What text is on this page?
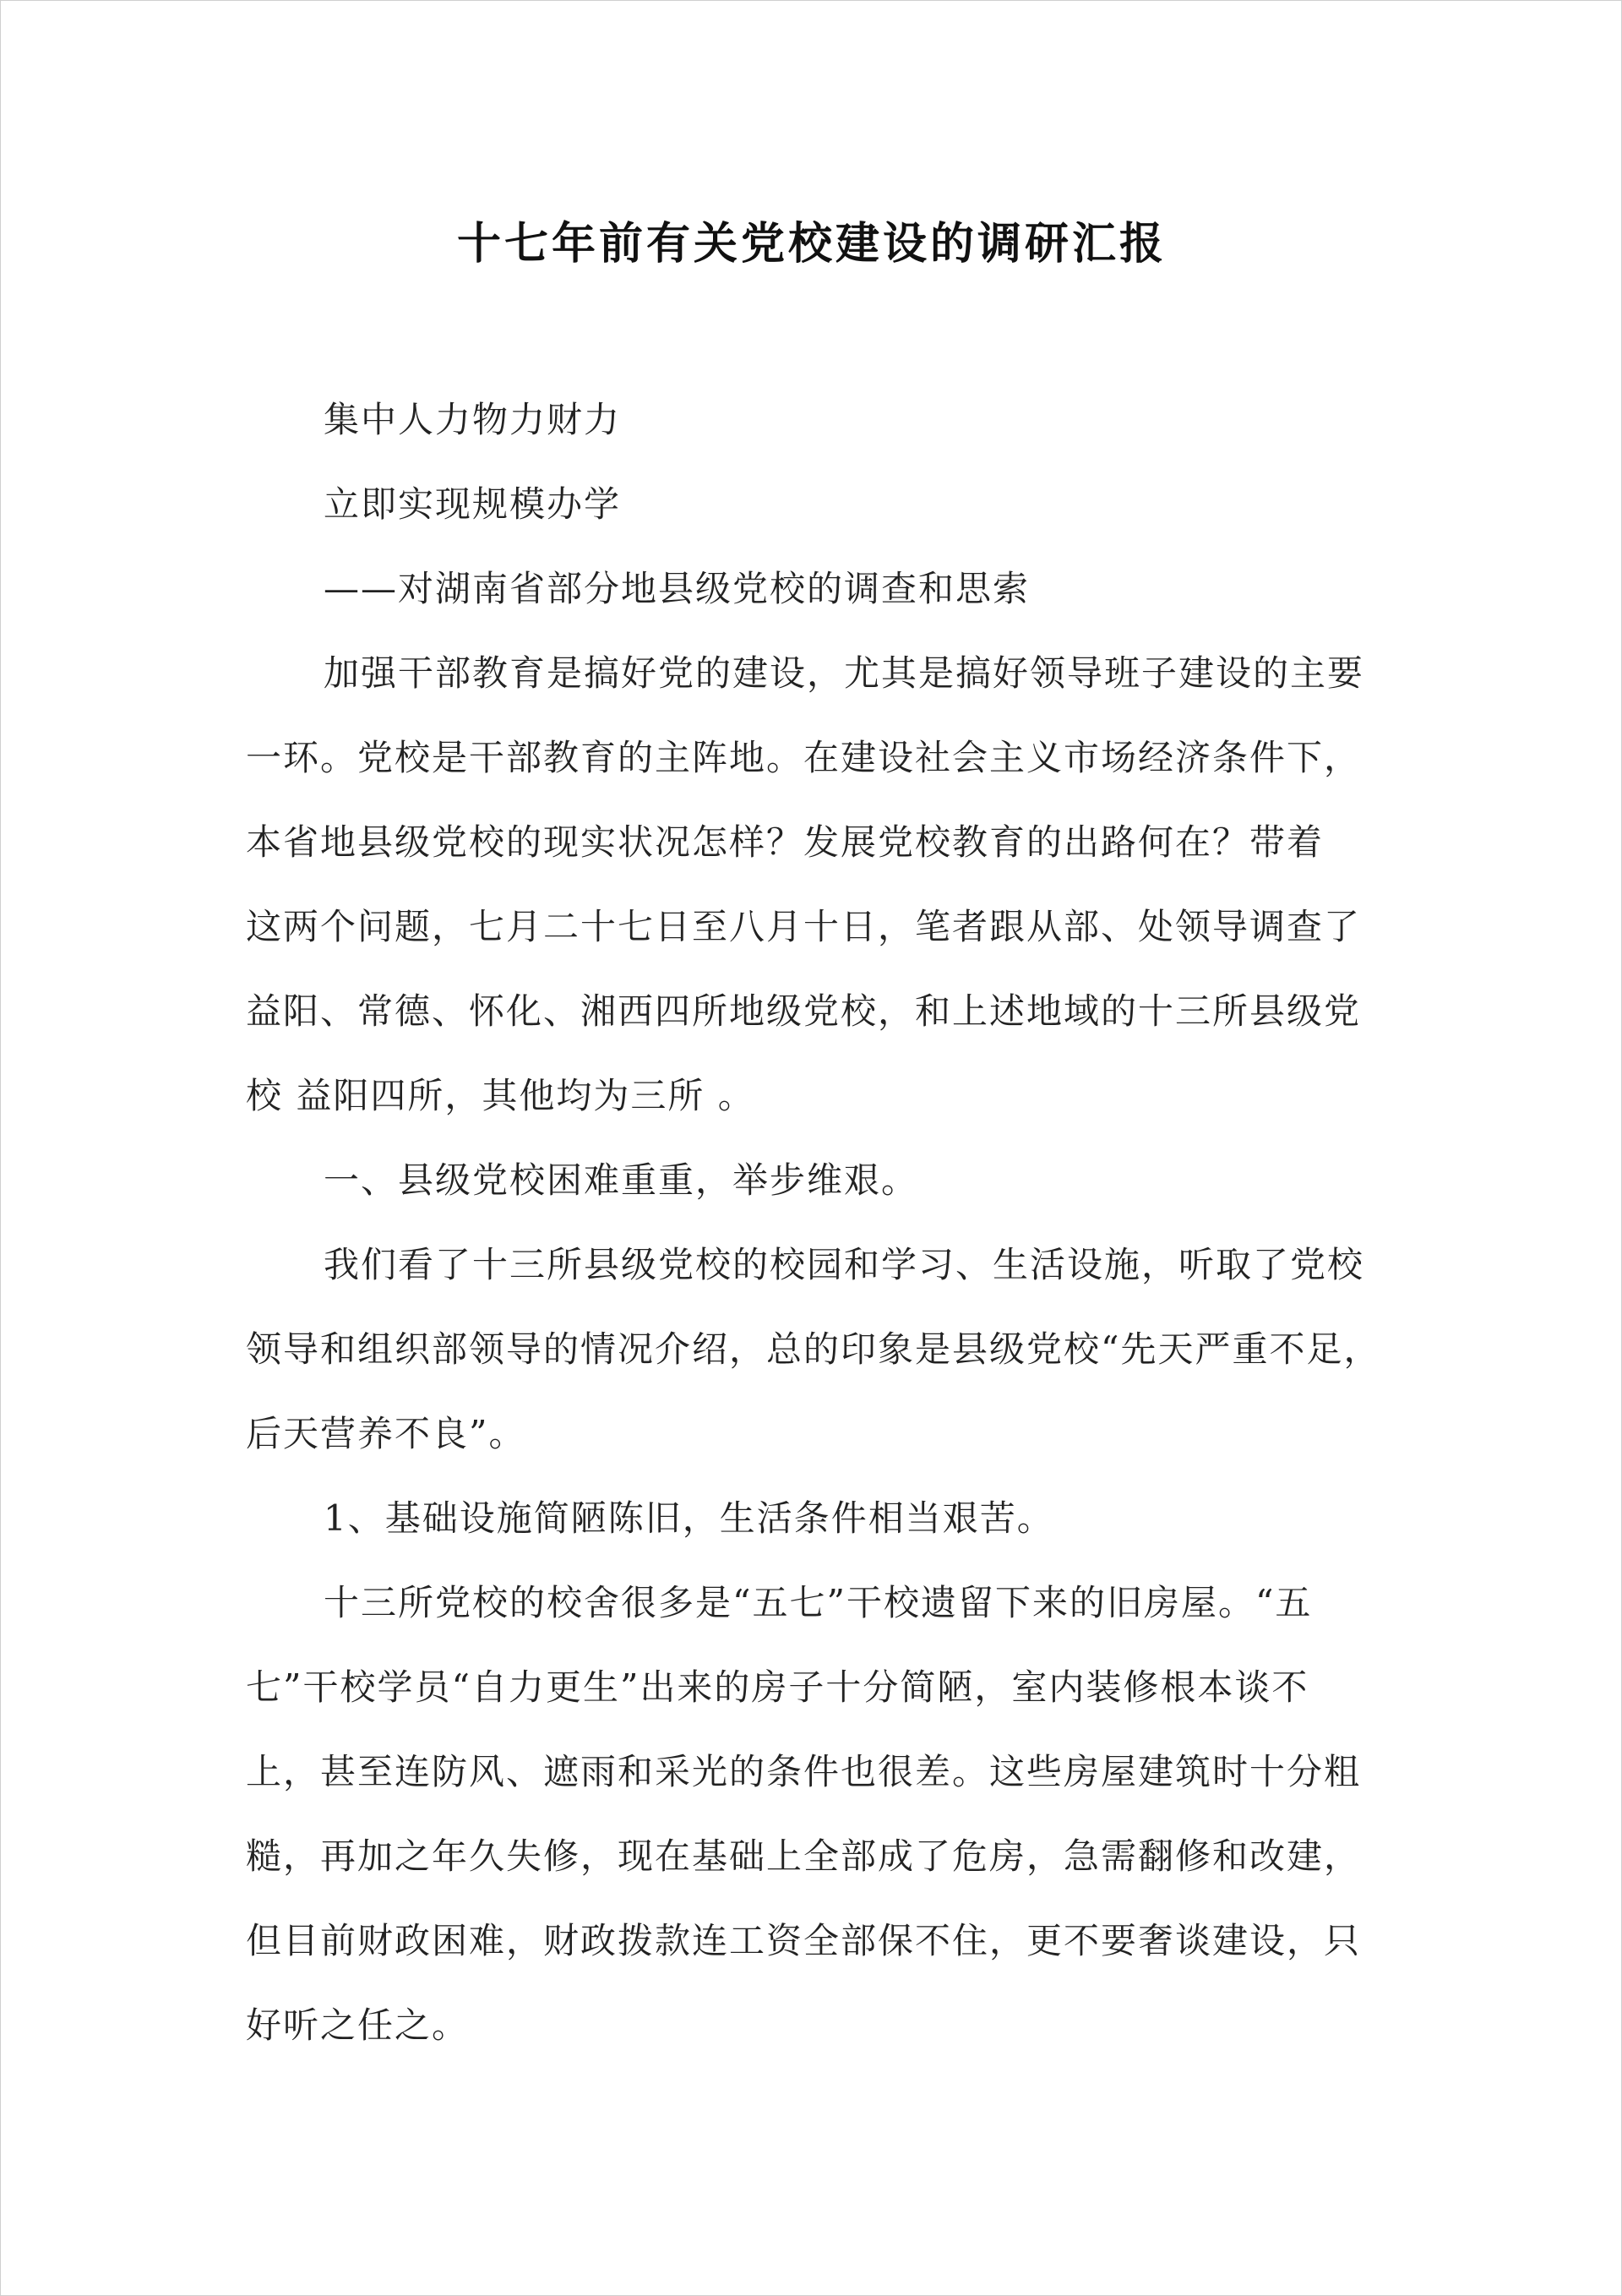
十七年前有关党校建设的调研汇报
集中人力物力财力
立即实现规模办学
——对湖南省部分地县级党校的调查和思索
加强干部教育是搞好党的建设，尤其是搞好领导班子建设的主要
一环。党校是干部教育的主阵地。在建设社会主义市场经济条件下，
本省地县级党校的现实状况怎样？发展党校教育的出路何在？带着
这两个问题，七月二十七日至八月十日，笔者跟从部、处领导调查了
益阳、常德、怀化、湘西四所地级党校，和上述地域的十三所县级党
校 益阳四所，其他均为三所 。
一、县级党校困难重重，举步维艰。
我们看了十三所县级党校的校园和学习、生活设施，听取了党校
领导和组织部领导的情况介绍，总的印象是县级党校“先天严重不足，
后天营养不良”。
1、基础设施简陋陈旧，生活条件相当艰苦。
十三所党校的校舍很多是“五七”干校遗留下来的旧房屋。“五
七”干校学员“自力更生”出来的房子十分简陋，室内装修根本谈不
上，甚至连防风、遮雨和采光的条件也很差。这些房屋建筑时十分粗
糙，再加之年久失修，现在基础上全部成了危房，急需翻修和改建，
但目前财政困难，财政拨款连工资全部保不住，更不要奢谈建设，只
好听之任之。
